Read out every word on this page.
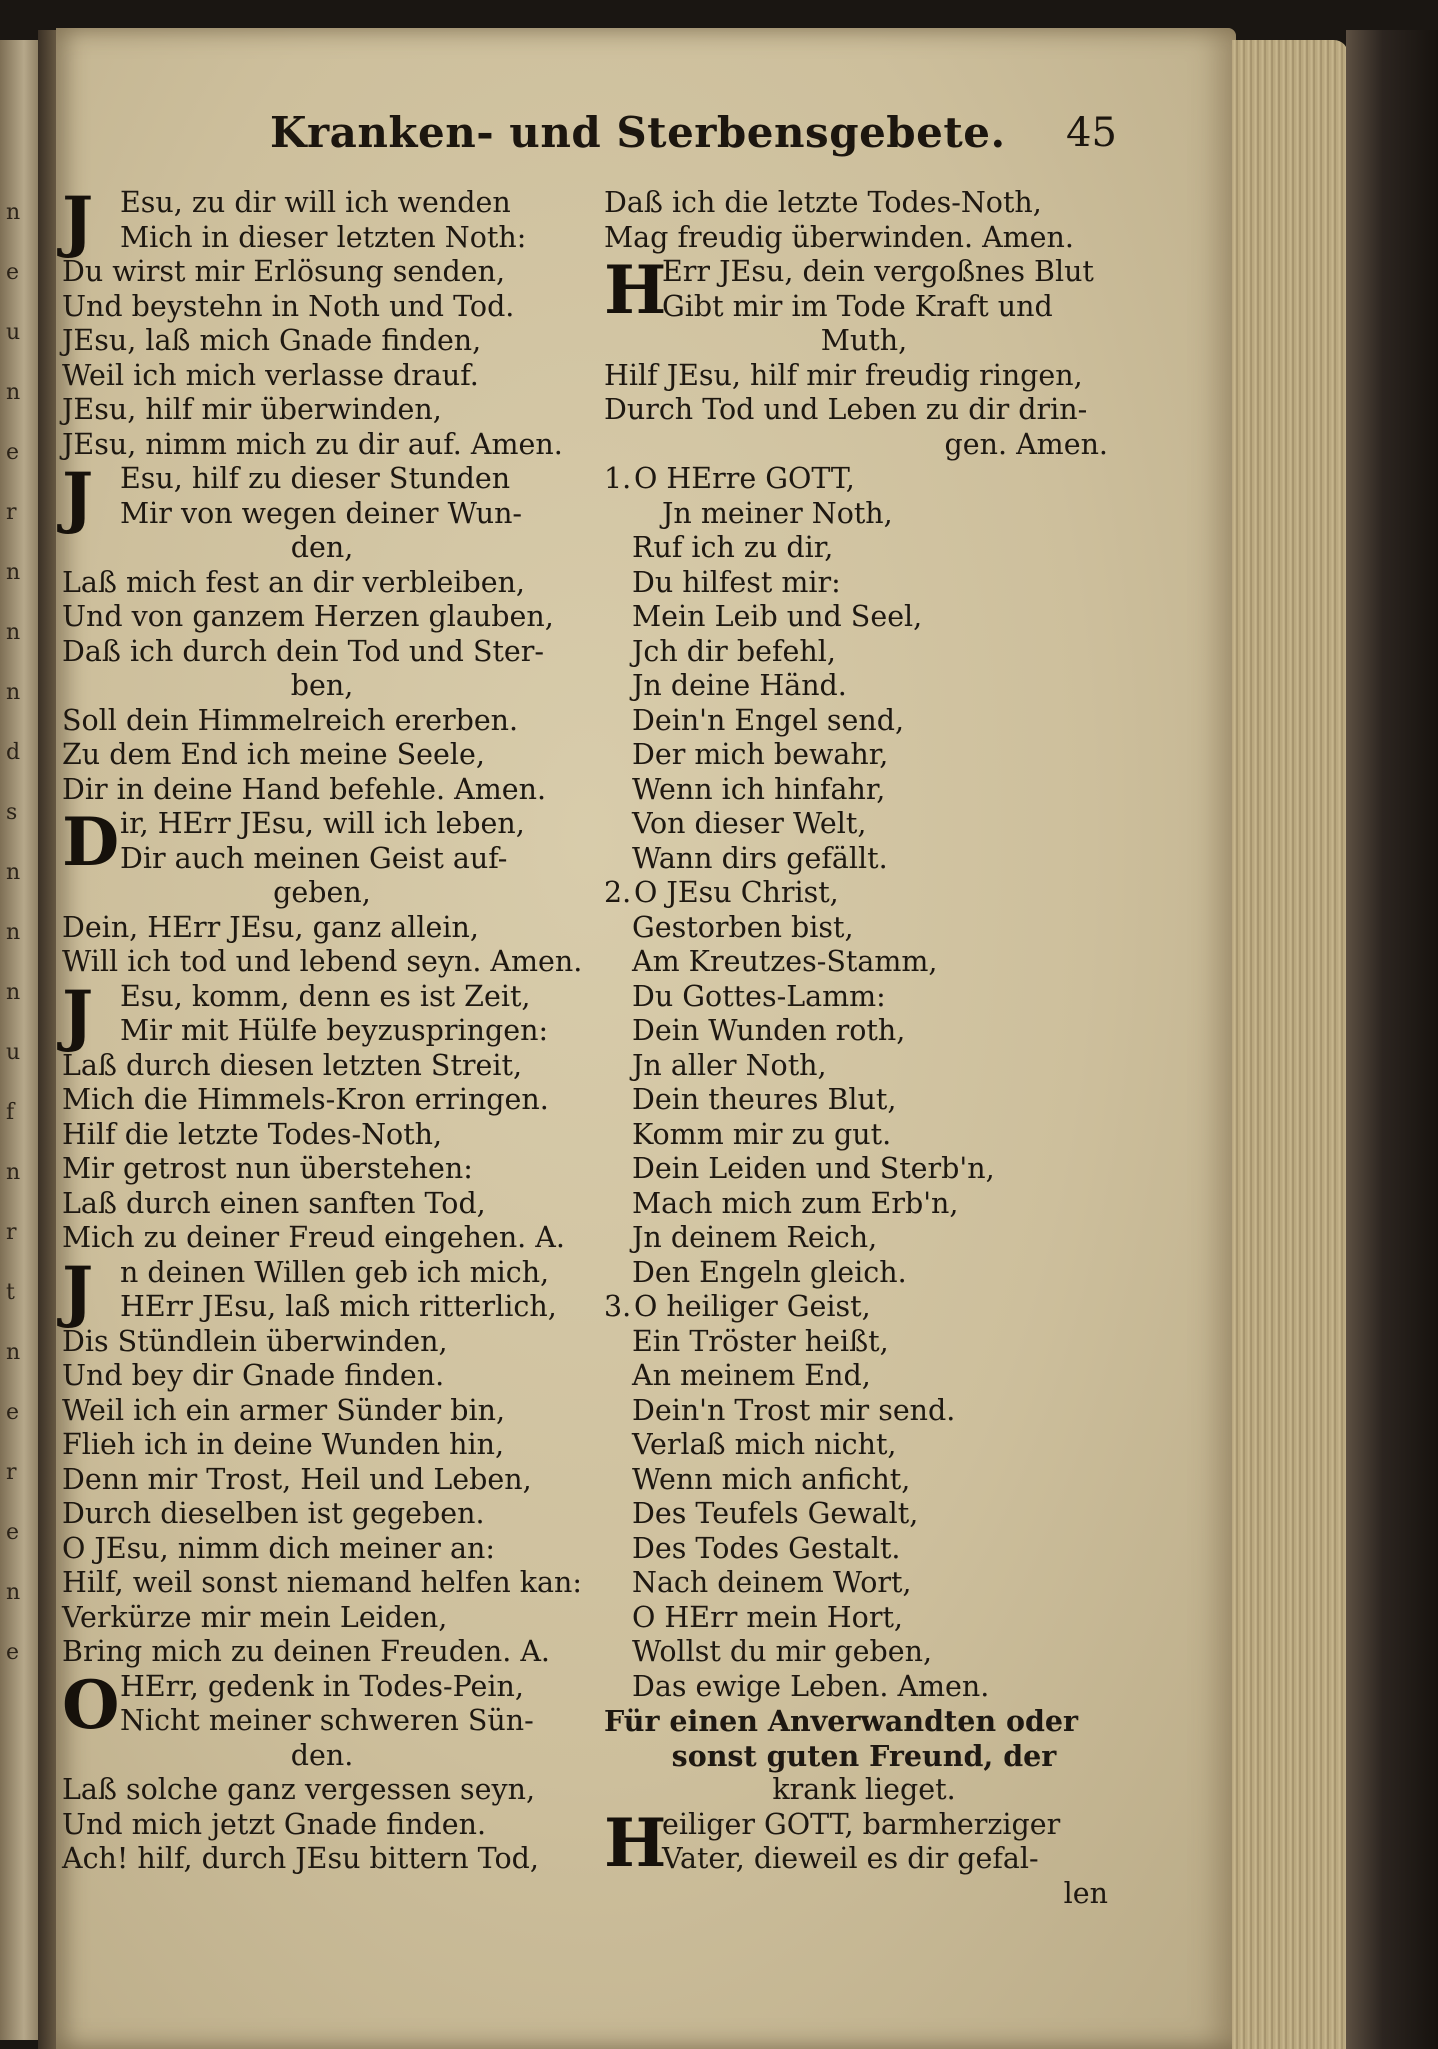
n
e
u
n
e
r
n
n
n
d
s
n
n
n
u
f
n
r
t
n
e
r
e
n
e
Kranken- und Sterbensgebete. 45
J Esu, zu dir will ich wenden
Mich in dieser letzten Noth:
Du wirst mir Erlösung senden,
Und beystehn in Noth und Tod.
JEsu, laß mich Gnade finden,
Weil ich mich verlasse drauf.
JEsu, hilf mir überwinden,
JEsu, nimm mich zu dir auf. Amen.
J Esu, hilf zu dieser Stunden
Mir von wegen deiner Wun-
den,
Laß mich fest an dir verbleiben,
Und von ganzem Herzen glauben,
Daß ich durch dein Tod und Ster-
ben,
Soll dein Himmelreich ererben.
Zu dem End ich meine Seele,
Dir in deine Hand befehle. Amen.
D ir, HErr JEsu, will ich leben,
Dir auch meinen Geist auf-
geben,
Dein, HErr JEsu, ganz allein,
Will ich tod und lebend seyn. Amen.
J Esu, komm, denn es ist Zeit,
Mir mit Hülfe beyzuspringen:
Laß durch diesen letzten Streit,
Mich die Himmels-Kron erringen.
Hilf die letzte Todes-Noth,
Mir getrost nun überstehen:
Laß durch einen sanften Tod,
Mich zu deiner Freud eingehen. A.
J n deinen Willen geb ich mich,
HErr JEsu, laß mich ritterlich,
Dis Stündlein überwinden,
Und bey dir Gnade finden.
Weil ich ein armer Sünder bin,
Flieh ich in deine Wunden hin,
Denn mir Trost, Heil und Leben,
Durch dieselben ist gegeben.
O JEsu, nimm dich meiner an:
Hilf, weil sonst niemand helfen kan:
Verkürze mir mein Leiden,
Bring mich zu deinen Freuden. A.
O HErr, gedenk in Todes-Pein,
Nicht meiner schweren Sün-
den.
Laß solche ganz vergessen seyn,
Und mich jetzt Gnade finden.
Ach! hilf, durch JEsu bittern Tod,
Daß ich die letzte Todes-Noth,
Mag freudig überwinden. Amen.
H
Err JEsu, dein vergoßnes Blut
Gibt mir im Tode Kraft und
Muth,
Hilf JEsu, hilf mir freudig ringen,
Durch Tod und Leben zu dir drin-
gen. Amen.
1.O HErre GOTT,
Jn meiner Noth,
Ruf ich zu dir,
Du hilfest mir:
Mein Leib und Seel,
Jch dir befehl,
Jn deine Händ.
Dein'n Engel send,
Der mich bewahr,
Wenn ich hinfahr,
Von dieser Welt,
Wann dirs gefällt.
2.O JEsu Christ,
Gestorben bist,
Am Kreutzes-Stamm,
Du Gottes-Lamm:
Dein Wunden roth,
Jn aller Noth,
Dein theures Blut,
Komm mir zu gut.
Dein Leiden und Sterb'n,
Mach mich zum Erb'n,
Jn deinem Reich,
Den Engeln gleich.
3.O heiliger Geist,
Ein Tröster heißt,
An meinem End,
Dein'n Trost mir send.
Verlaß mich nicht,
Wenn mich anficht,
Des Teufels Gewalt,
Des Todes Gestalt.
Nach deinem Wort,
O HErr mein Hort,
Wollst du mir geben,
Das ewige Leben. Amen.
Für einen Anverwandten oder
sonst guten Freund, der
krank lieget.
H
eiliger GOTT, barmherziger
Vater, dieweil es dir gefal-
len
